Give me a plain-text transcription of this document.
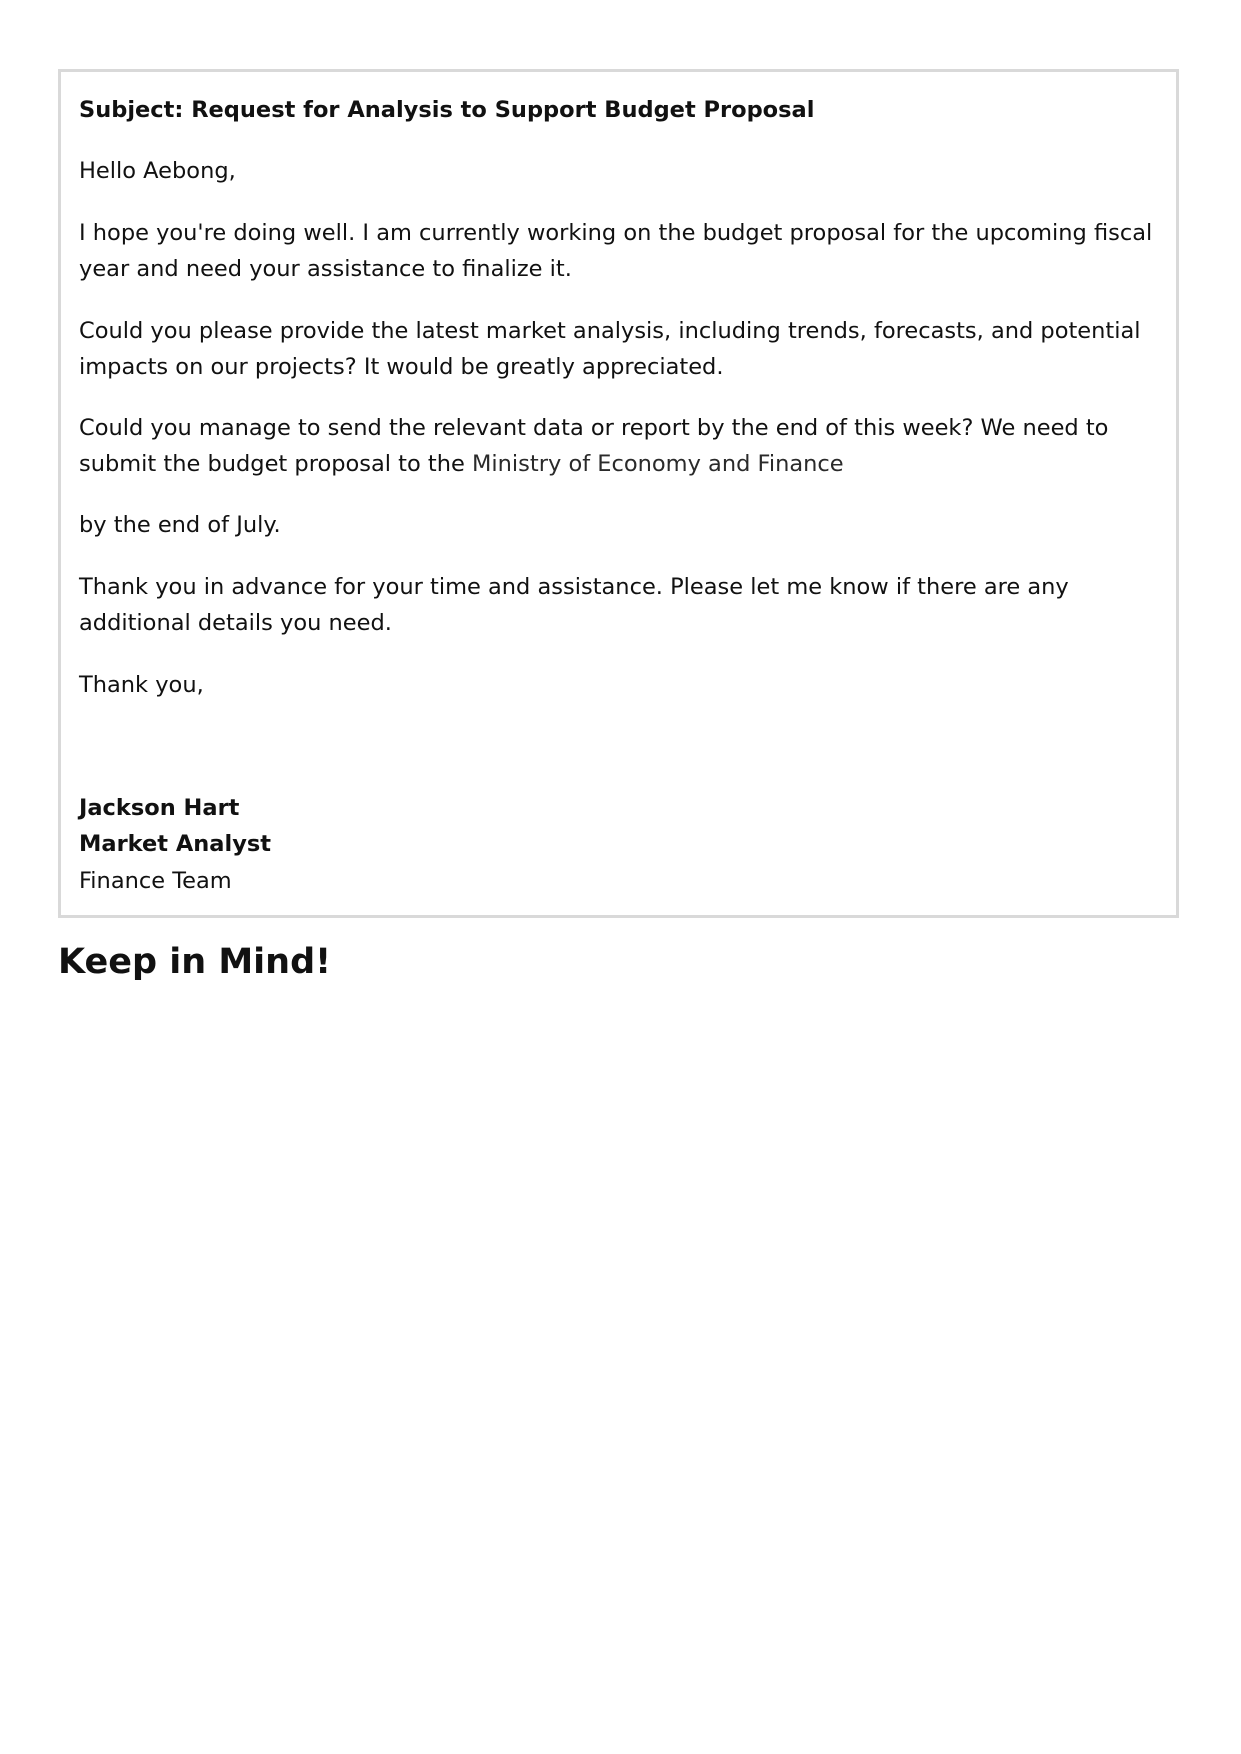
Subject: Request for Analysis to Support Budget Proposal

Hello Aebong,

I hope you're doing well. I am currently working on the budget proposal for the upcoming fiscal year and need your assistance to finalize it.

Could you please provide the latest market analysis, including trends, forecasts, and potential impacts on our projects? It would be greatly appreciated.

Could you manage to send the relevant data or report by the end of this week? We need to submit the budget proposal to the Ministry of Economy and Finance

by the end of July.

Thank you in advance for your time and assistance. Please let me know if there are any additional details you need.

Thank you,

Jackson Hart

Market Analyst

Finance Team

Keep in Mind!
